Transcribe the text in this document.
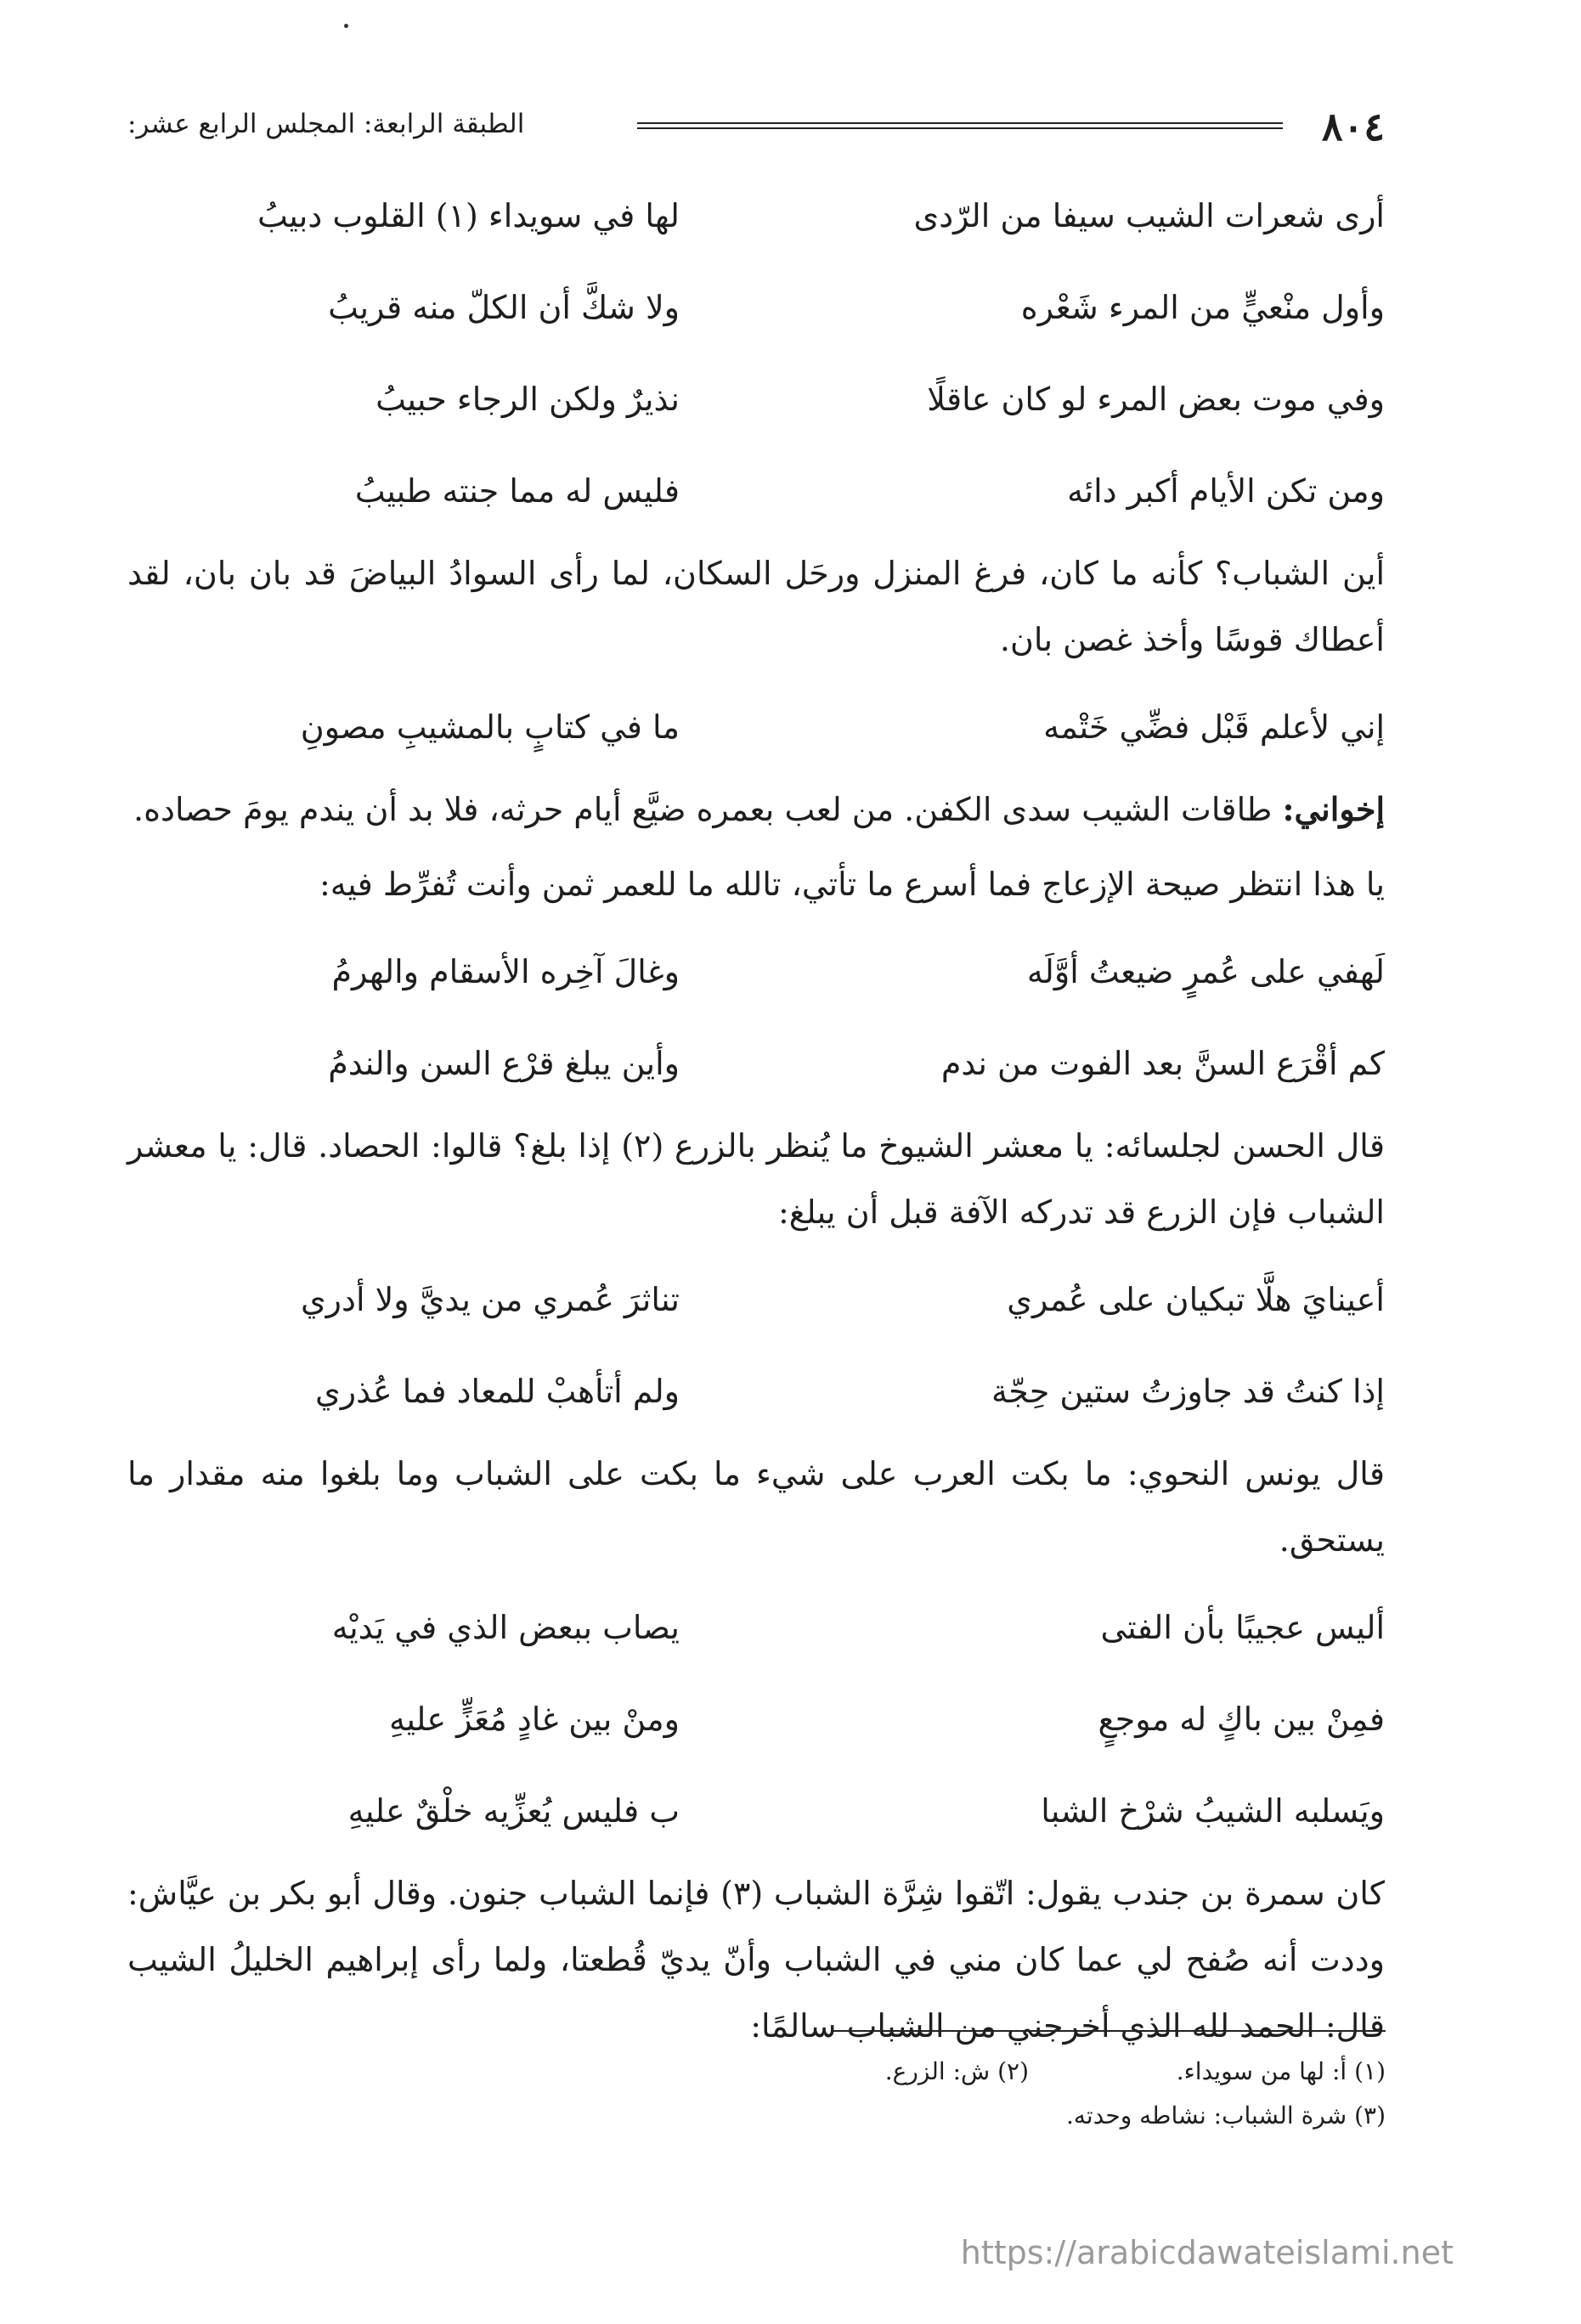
٨٠٤
الطبقة الرابعة: المجلس الرابع عشر:
أرى شعرات الشيب سيفا من الرّدى
لها في سويداء (١) القلوب دبيبُ
وأول منْعيٍّ من المرء شَعْره
ولا شكَّ أن الكلّ منه قريبُ
وفي موت بعض المرء لو كان عاقلًا
نذيرٌ ولكن الرجاء حبيبُ
ومن تكن الأيام أكبر دائه
فليس له مما جنته طبيبُ
أين الشباب؟ كأنه ما كان، فرغ المنزل ورحَل السكان، لما رأى السوادُ البياضَ قد بان بان، لقد أعطاك قوسًا وأخذ غصن بان.
إني لأعلم قَبْل فضِّي خَتْمه
ما في كتابٍ بالمشيبِ مصونِ
إخواني: طاقات الشيب سدى الكفن. من لعب بعمره ضيَّع أيام حرثه، فلا بد أن يندم يومَ حصاده.
يا هذا انتظر صيحة الإزعاج فما أسرع ما تأتي، تالله ما للعمر ثمن وأنت تُفرِّط فيه:
لَهفي على عُمرٍ ضيعتُ أوَّلَه
وغالَ آخِره الأسقام والهرمُ
كم أقْرَع السنَّ بعد الفوت من ندم
وأين يبلغ قرْع السن والندمُ
قال الحسن لجلسائه: يا معشر الشيوخ ما يُنظر بالزرع (٢) إذا بلغ؟ قالوا: الحصاد. قال: يا معشر الشباب فإن الزرع قد تدركه الآفة قبل أن يبلغ:
أعينايَ هلَّا تبكيان على عُمري
تناثرَ عُمري من يديَّ ولا أدري
إذا كنتُ قد جاوزتُ ستين حِجّة
ولم أتأهبْ للمعاد فما عُذري
قال يونس النحوي: ما بكت العرب على شيء ما بكت على الشباب وما بلغوا منه مقدار ما يستحق.
أليس عجيبًا بأن الفتى
يصاب ببعض الذي في يَديْه
فمِنْ بين باكٍ له موجعٍ
ومنْ بين غادٍ مُعَزٍّ عليهِ
ويَسلبه الشيبُ شرْخ الشبا
ب فليس يُعزِّيه خلْقٌ عليهِ
كان سمرة بن جندب يقول: اتّقوا شِرَّة الشباب (٣) فإنما الشباب جنون. وقال أبو بكر بن عيَّاش: وددت أنه صُفح لي عما كان مني في الشباب وأنّ يديّ قُطعتا، ولما رأى إبراهيم الخليلُ الشيب قال: الحمد لله الذي أخرجني من الشباب سالمًا:
(١) أ: لها من سويداء.
(٢) ش: الزرع.
(٣) شرة الشباب: نشاطه وحدته.
https://arabicdawateislami.net
